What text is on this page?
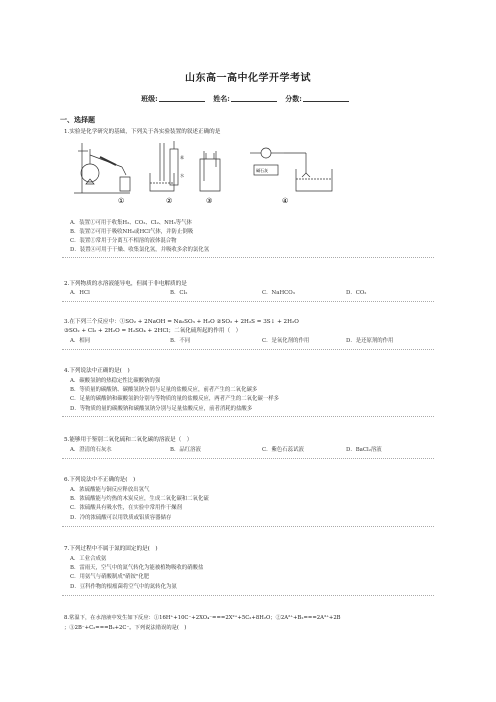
山东高一高中化学开学考试
班级:	姓名:	分数:
一、选择题
1.实验是化学研究的基础，下列关于各实验装置的叙述正确的是
①	②	③	④
苯
水
碱石灰
A．装置①可用于收集H₂、CO₂、Cl₂、NH₃等气体
B．装置②可用于吸收NH₃或HCl气体，并防止倒吸
C．装置①常用于分离互不相溶的液体混合物
D．装置④可用于干燥、收集氯化氢，并吸收多余的氯化氢
2.下列物质的水溶液能导电，但属于非电解质的是
A．HCl	B．Cl₂	C．NaHCO₃	D．CO₂
3.在下列三个反应中：①SO₂ + 2NaOH = Na₂SO₃ + H₂O ②SO₂ + 2H₂S = 3S↓ + 2H₂O
③SO₂ + Cl₂ + 2H₂O = H₂SO₄ + 2HCl；二氧化硫所起的作用（　）
A．相同	B．不同	C．是氧化剂的作用	D．是还原剂的作用
4.下列说法中正确的是(　)
A．碳酸氢钠的热稳定性比碳酸钠的强
B．等质量的碳酸钠、碳酸氢钠分别与足量的盐酸反应，前者产生的二氧化碳多
C．足量的碳酸钠和碳酸氢钠分别与等物质的量的盐酸反应，两者产生的二氧化碳一样多
D．等物质的量的碳酸钠和碳酸氢钠分别与足量盐酸反应，前者消耗的盐酸多
5.能够用于鉴别二氧化硫和二氧化碳的溶液是（　）
A．澄清的石灰水	B．品红溶液	C．紫色石蕊试液	D．BaCl₂溶液
6.下列说法中不正确的是(　)
A．浓硫酸能与铜反应释放出氢气
B．浓硫酸能与灼热的木炭反应，生成二氧化碳和二氧化硫
C．浓硫酸具有吸水性，在实验中常用作干燥剂
D．冷的浓硫酸可以用铁质或铝质容器储存
7.下列过程中不属于氮的固定的是(　)
A．工业合成氨
B．雷雨天，空气中的氮气转化为能被植物吸收的硝酸盐
C．用氨气与硝酸制成"硝铵"化肥
D．豆科作物的根瘤菌将空气中的氮转化为氨
8.常温下，在水溶液中发生如下反应：①16H⁺+10C⁻+2XO₄⁻===2X²⁺+5C₂+8H₂O；②2A²⁺+B₂===2A³⁺+2B
；③2B⁻+C₂===B₂+2C⁻。下列说法错误的是(　)
